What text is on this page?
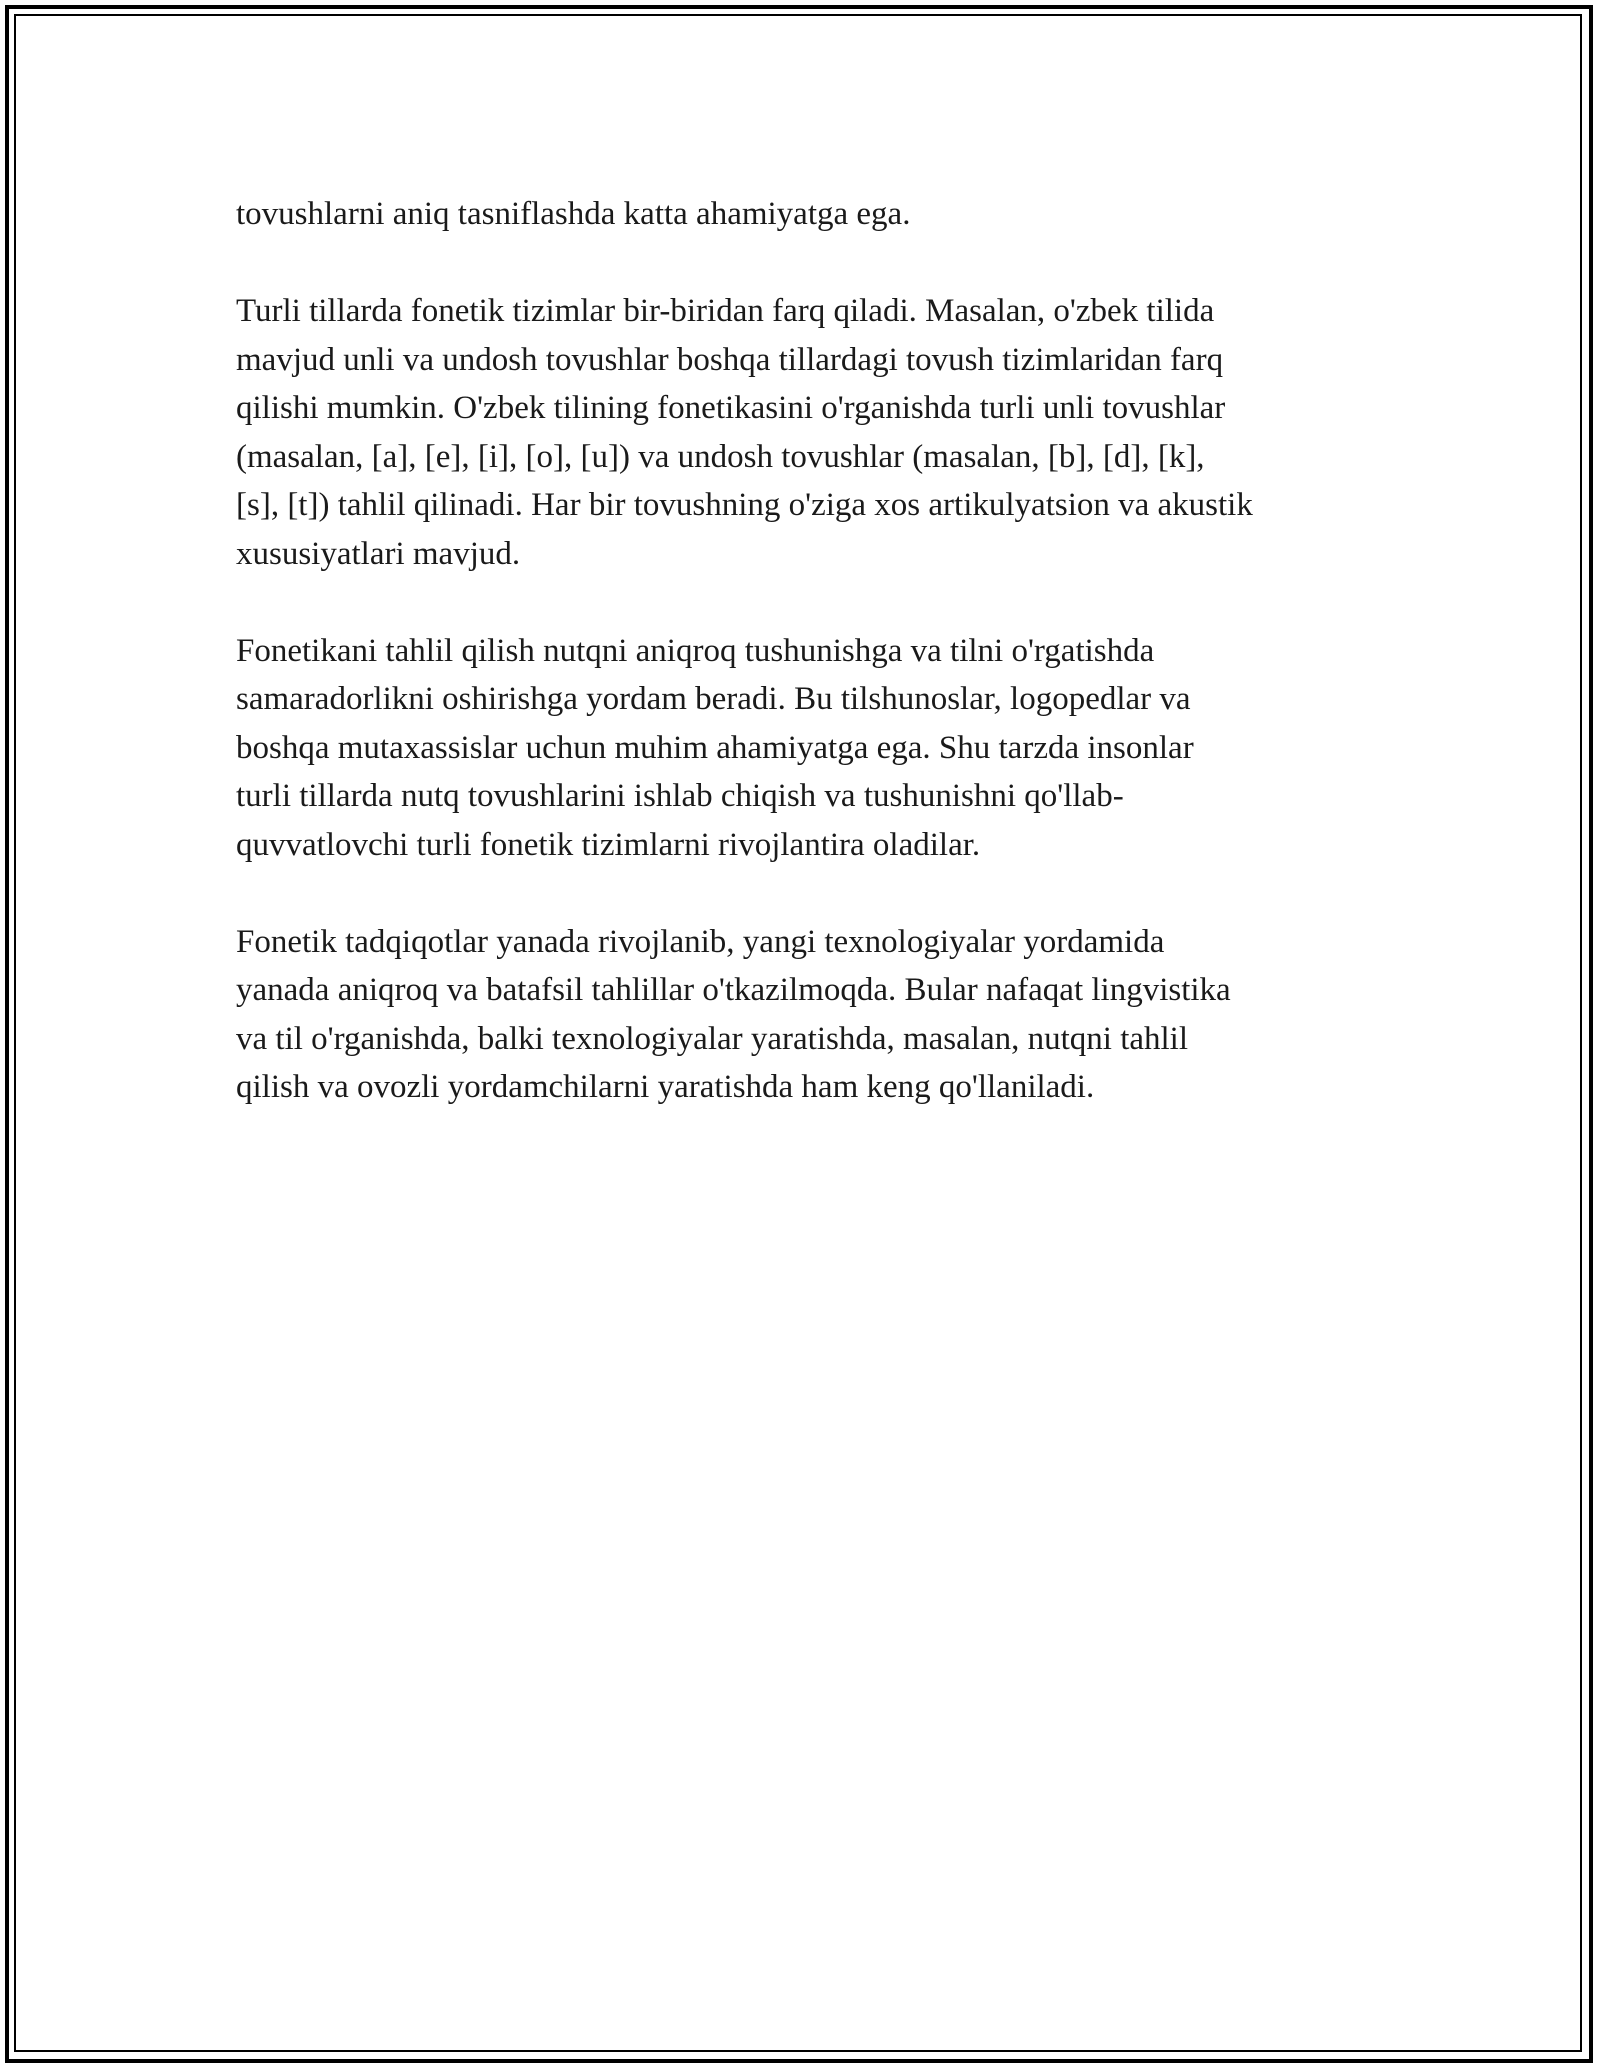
tovushlarni aniq tasniflashda katta ahamiyatga ega.

Turli tillarda fonetik tizimlar bir-biridan farq qiladi. Masalan, o'zbek tilida
mavjud unli va undosh tovushlar boshqa tillardagi tovush tizimlaridan farq
qilishi mumkin. O'zbek tilining fonetikasini o'rganishda turli unli tovushlar
(masalan, [a], [e], [i], [o], [u]) va undosh tovushlar (masalan, [b], [d], [k],
[s], [t]) tahlil qilinadi. Har bir tovushning o'ziga xos artikulyatsion va akustik
xususiyatlari mavjud.

Fonetikani tahlil qilish nutqni aniqroq tushunishga va tilni o'rgatishda
samaradorlikni oshirishga yordam beradi. Bu tilshunoslar, logopedlar va
boshqa mutaxassislar uchun muhim ahamiyatga ega. Shu tarzda insonlar
turli tillarda nutq tovushlarini ishlab chiqish va tushunishni qo'llab-
quvvatlovchi turli fonetik tizimlarni rivojlantira oladilar.

Fonetik tadqiqotlar yanada rivojlanib, yangi texnologiyalar yordamida
yanada aniqroq va batafsil tahlillar o'tkazilmoqda. Bular nafaqat lingvistika
va til o'rganishda, balki texnologiyalar yaratishda, masalan, nutqni tahlil
qilish va ovozli yordamchilarni yaratishda ham keng qo'llaniladi.
